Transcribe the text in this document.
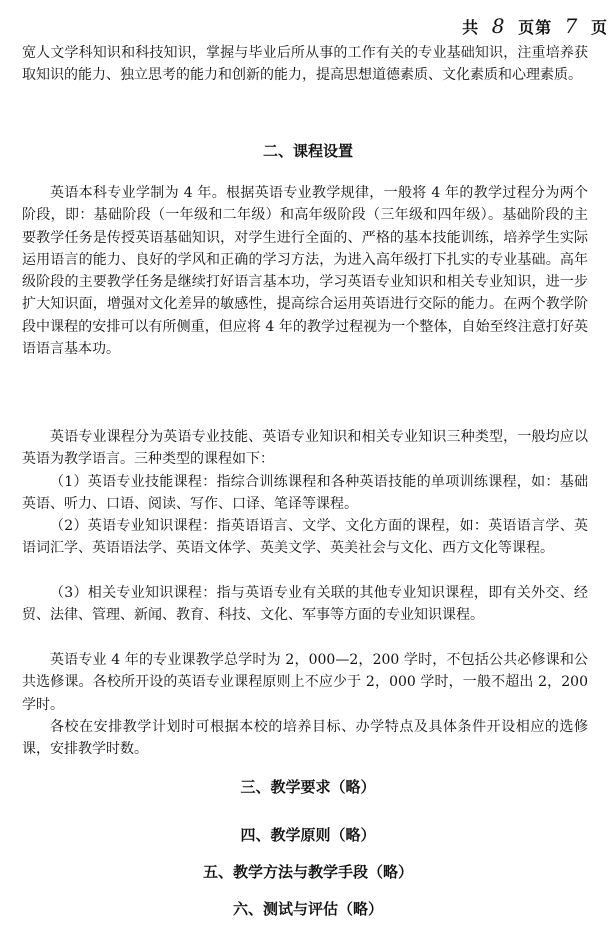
共 8 页第 7 页

宽人文学科知识和科技知识，掌握与毕业后所从事的工作有关的专业基础知识，注重培养获取知识的能力、独立思考的能力和创新的能力，提高思想道德素质、文化素质和心理素质。

二、课程设置

英语本科专业学制为 4 年。根据英语专业教学规律，一般将 4 年的教学过程分为两个阶段，即：基础阶段（一年级和二年级）和高年级阶段（三年级和四年级）。基础阶段的主要教学任务是传授英语基础知识，对学生进行全面的、严格的基本技能训练，培养学生实际运用语言的能力、良好的学风和正确的学习方法，为进入高年级打下扎实的专业基础。高年级阶段的主要教学任务是继续打好语言基本功，学习英语专业知识和相关专业知识，进一步扩大知识面，增强对文化差异的敏感性，提高综合运用英语进行交际的能力。在两个教学阶段中课程的安排可以有所侧重，但应将 4 年的教学过程视为一个整体，自始至终注意打好英语语言基本功。

英语专业课程分为英语专业技能、英语专业知识和相关专业知识三种类型，一般均应以英语为教学语言。三种类型的课程如下：

（1）英语专业技能课程：指综合训练课程和各种英语技能的单项训练课程，如：基础英语、听力、口语、阅读、写作、口译、笔译等课程。

（2）英语专业知识课程：指英语语言、文学、文化方面的课程，如：英语语言学、英语词汇学、英语语法学、英语文体学、英美文学、英美社会与文化、西方文化等课程。

（3）相关专业知识课程：指与英语专业有关联的其他专业知识课程，即有关外交、经贸、法律、管理、新闻、教育、科技、文化、军事等方面的专业知识课程。

英语专业 4 年的专业课教学总学时为 2，000—2，200 学时，不包括公共必修课和公共选修课。各校所开设的英语专业课程原则上不应少于 2，000 学时，一般不超出 2，200 学时。

各校在安排教学计划时可根据本校的培养目标、办学特点及具体条件开设相应的选修课，安排教学时数。

三、教学要求（略）
四、教学原则（略）
五、教学方法与教学手段（略）
六、测试与评估（略）
